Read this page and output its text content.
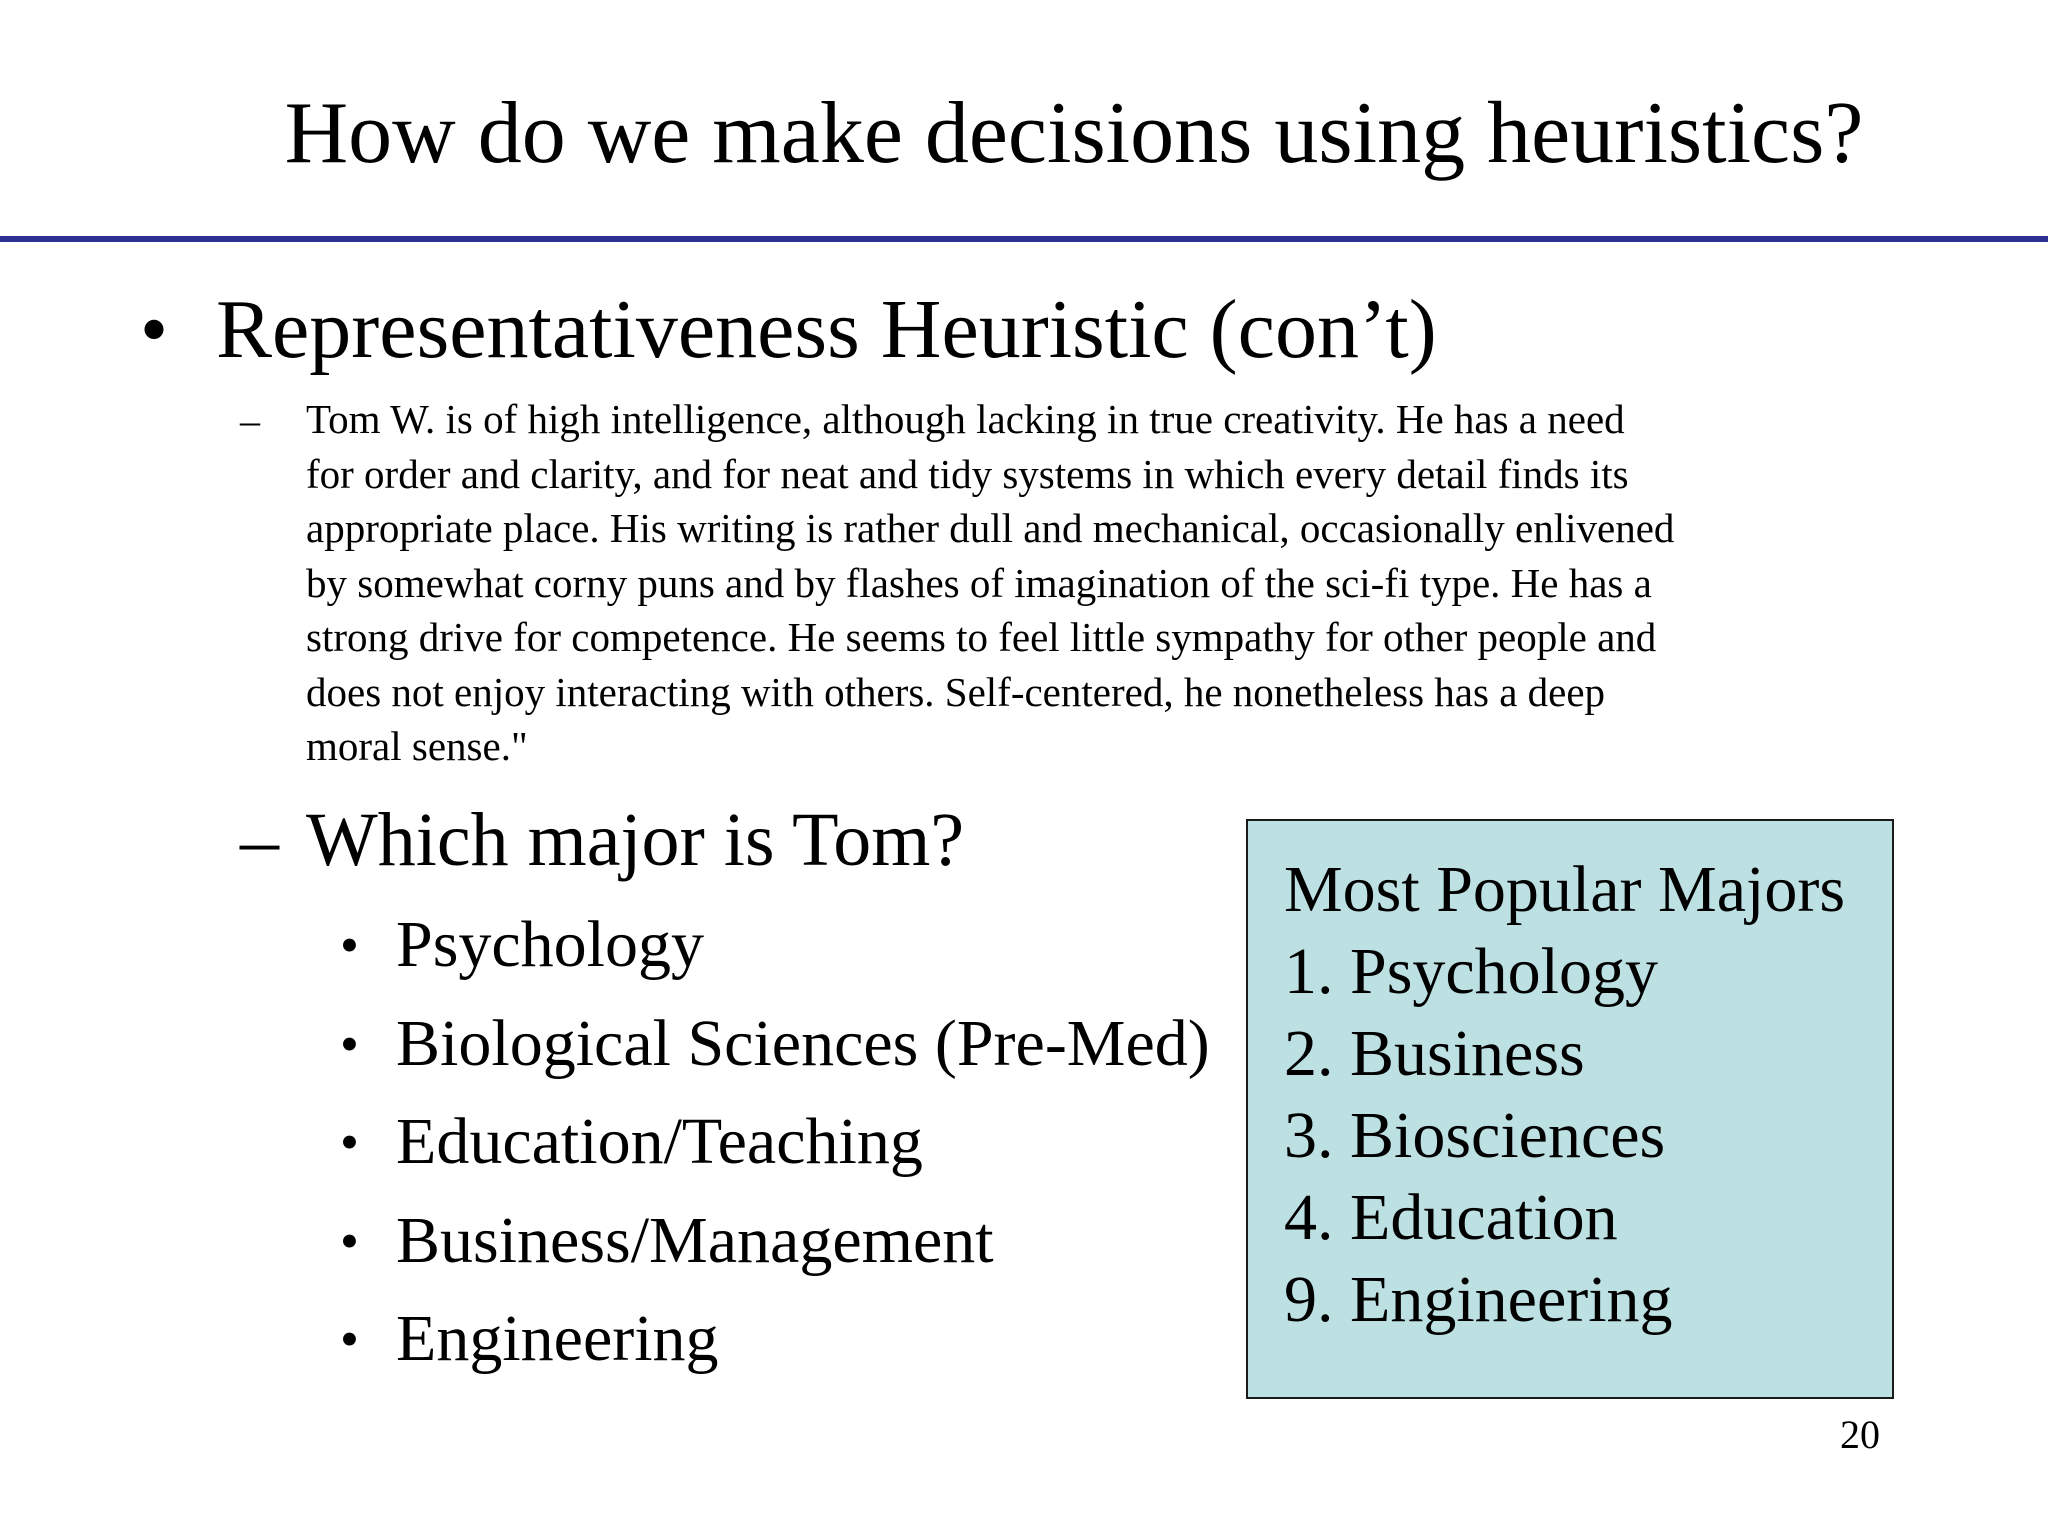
How do we make decisions using heuristics?
• Representativeness Heuristic (con’t)
– Tom W. is of high intelligence, although lacking in true creativity. He has a need
for order and clarity, and for neat and tidy systems in which every detail finds its
appropriate place. His writing is rather dull and mechanical, occasionally enlivened
by somewhat corny puns and by flashes of imagination of the sci-fi type. He has a
strong drive for competence. He seems to feel little sympathy for other people and
does not enjoy interacting with others. Self-centered, he nonetheless has a deep
moral sense."
– Which major is Tom?
• Psychology
• Biological Sciences (Pre-Med)
• Education/Teaching
• Business/Management
• Engineering
Most Popular Majors
1. Psychology
2. Business
3. Biosciences
4. Education
9. Engineering
20
